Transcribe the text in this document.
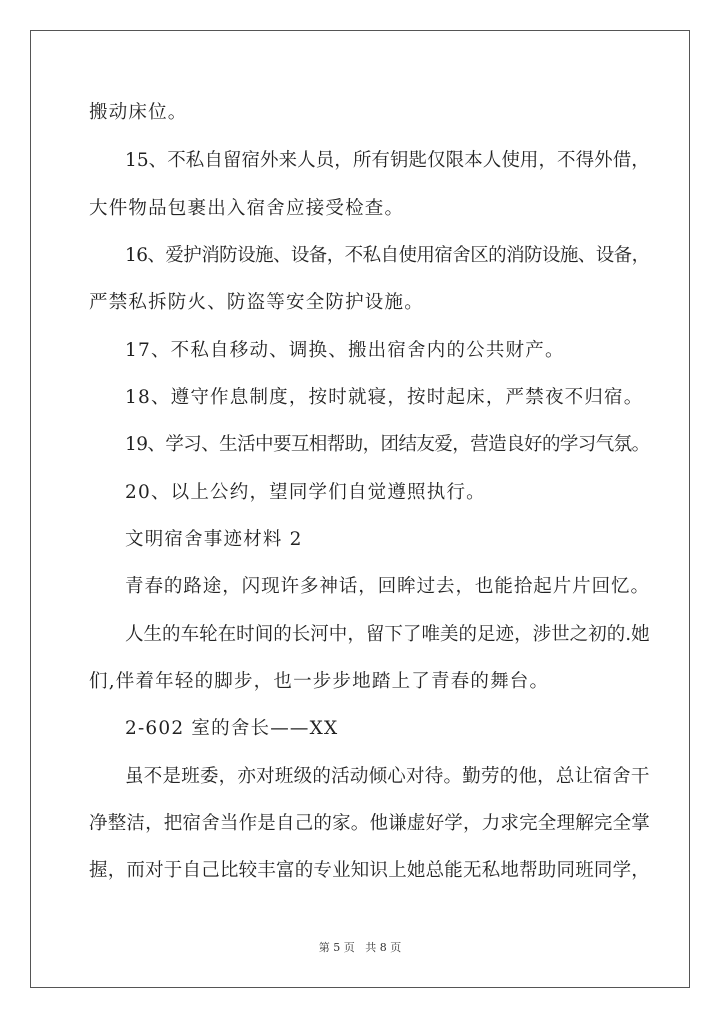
搬动床位。

15、不私自留宿外来人员，所有钥匙仅限本人使用，不得外借，

大件物品包裹出入宿舍应接受检查。

16、爱护消防设施、设备，不私自使用宿舍区的消防设施、设备，

严禁私拆防火、防盗等安全防护设施。

17、不私自移动、调换、搬出宿舍内的公共财产。

18、遵守作息制度，按时就寝，按时起床，严禁夜不归宿。

19、学习、生活中要互相帮助，团结友爱，营造良好的学习气氛。

20、以上公约，望同学们自觉遵照执行。

文明宿舍事迹材料 2

青春的路途，闪现许多神话，回眸过去，也能拾起片片回忆。

人生的车轮在时间的长河中，留下了唯美的足迹，涉世之初的.她

们,伴着年轻的脚步，也一步步地踏上了青春的舞台。

2-602 室的舍长——XX

虽不是班委，亦对班级的活动倾心对待。勤劳的他，总让宿舍干

净整洁，把宿舍当作是自己的家。他谦虚好学，力求完全理解完全掌

握，而对于自己比较丰富的专业知识上她总能无私地帮助同班同学，

第 5 页   共 8 页
